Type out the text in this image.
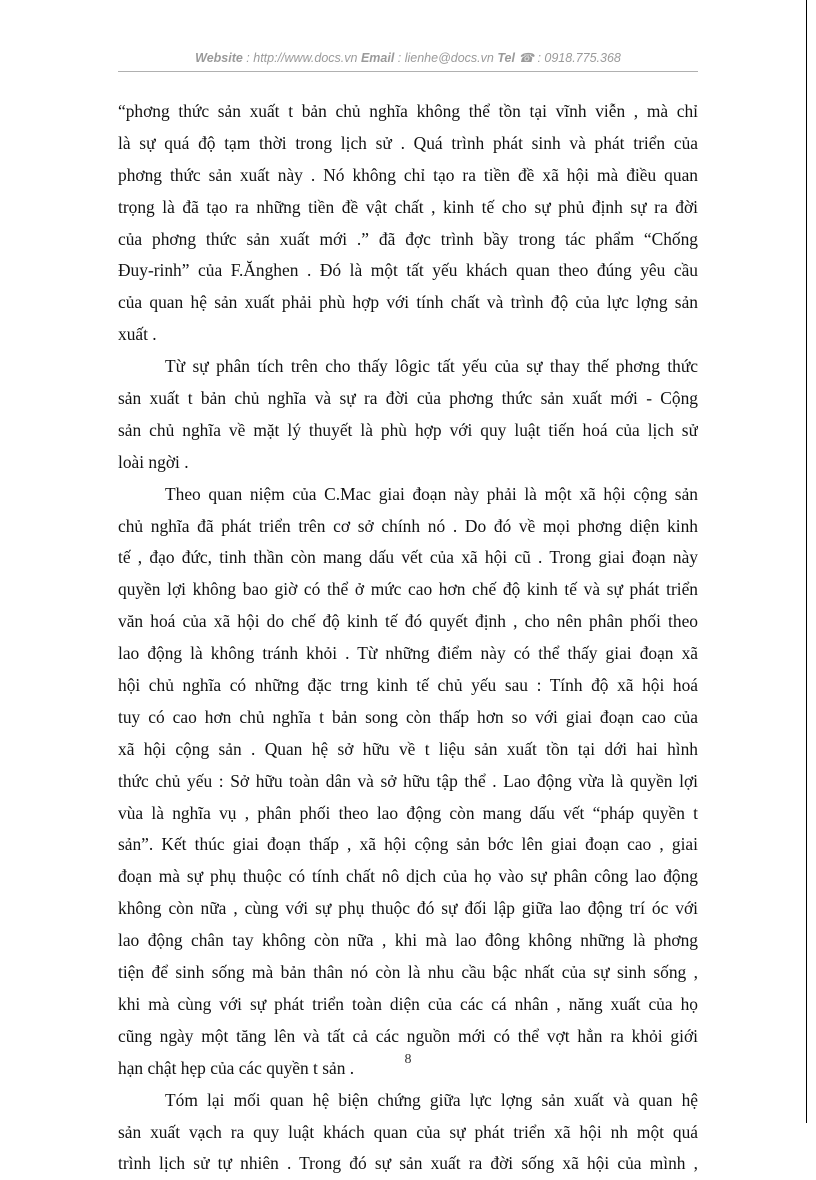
Website : http://www.docs.vn Email : lienhe@docs.vn Tel ☎ : 0918.775.368
“phơng thức sản xuất t bản chủ nghĩa không thể tồn tại vĩnh viễn , mà chỉ
là sự quá độ tạm thời trong lịch sử . Quá trình phát sinh và phát triển của
phơng thức sản xuất này . Nó không chỉ tạo ra tiền đề xã hội mà điều quan
trọng là đã tạo ra những tiền đề vật chất , kinh tế cho sự phủ định sự ra đời
của phơng thức sản xuất mới .” đã đợc trình bầy trong tác phẩm “Chống
Đuy-rinh” của F.Ănghen . Đó là một tất yếu khách quan theo đúng yêu cầu
của quan hệ sản xuất phải phù hợp với tính chất và trình độ của lực lợng sản
xuất .
Từ sự phân tích trên cho thấy lôgic tất yếu của sự thay thế phơng thức
sản xuất t bản chủ nghĩa và sự ra đời của phơng thức sản xuất mới - Cộng
sản chủ nghĩa về mặt lý thuyết là phù hợp với quy luật tiến hoá của lịch sử
loài ngời .
Theo quan niệm của C.Mac giai đoạn này phải là một xã hội cộng sản
chủ nghĩa đã phát triển trên cơ sở chính nó . Do đó về mọi phơng diện kinh
tế , đạo đức, tinh thần còn mang dấu vết của xã hội cũ . Trong giai đoạn này
quyền lợi không bao giờ có thể ở mức cao hơn chế độ kinh tế và sự phát triển
văn hoá của xã hội do chế độ kinh tế đó quyết định , cho nên phân phối theo
lao động là không tránh khỏi . Từ những điểm này có thể thấy giai đoạn xã
hội chủ nghĩa có những đặc trng kinh tế chủ yếu sau : Tính độ xã hội hoá
tuy có cao hơn chủ nghĩa t bản song còn thấp hơn so với giai đoạn cao của
xã hội cộng sản . Quan hệ sở hữu về t liệu sản xuất tồn tại dới hai hình
thức chủ yếu : Sở hữu toàn dân và sở hữu tập thể . Lao động vừa là quyền lợi
vùa là nghĩa vụ , phân phối theo lao động còn mang dấu vết “pháp quyền t
sản”. Kết thúc giai đoạn thấp , xã hội cộng sản bớc lên giai đoạn cao , giai
đoạn mà sự phụ thuộc có tính chất nô dịch của họ vào sự phân công lao động
không còn nữa , cùng với sự phụ thuộc đó sự đối lập giữa lao động trí óc với
lao động chân tay không còn nữa , khi mà lao đông không những là phơng
tiện để sinh sống mà bản thân nó còn là nhu cầu bậc nhất của sự sinh sống ,
khi mà cùng với sự phát triển toàn diện của các cá nhân , năng xuất của họ
cũng ngày một tăng lên và tất cả các nguồn mới có thể vợt hẳn ra khỏi giới
hạn chật hẹp của các quyền t sản .
Tóm lại mối quan hệ biện chứng giữa lực lợng sản xuất và quan hệ
sản xuất vạch ra quy luật khách quan của sự phát triển xã hội nh một quá
trình lịch sử tự nhiên . Trong đó sự sản xuất ra đời sống xã hội của mình ,
8
